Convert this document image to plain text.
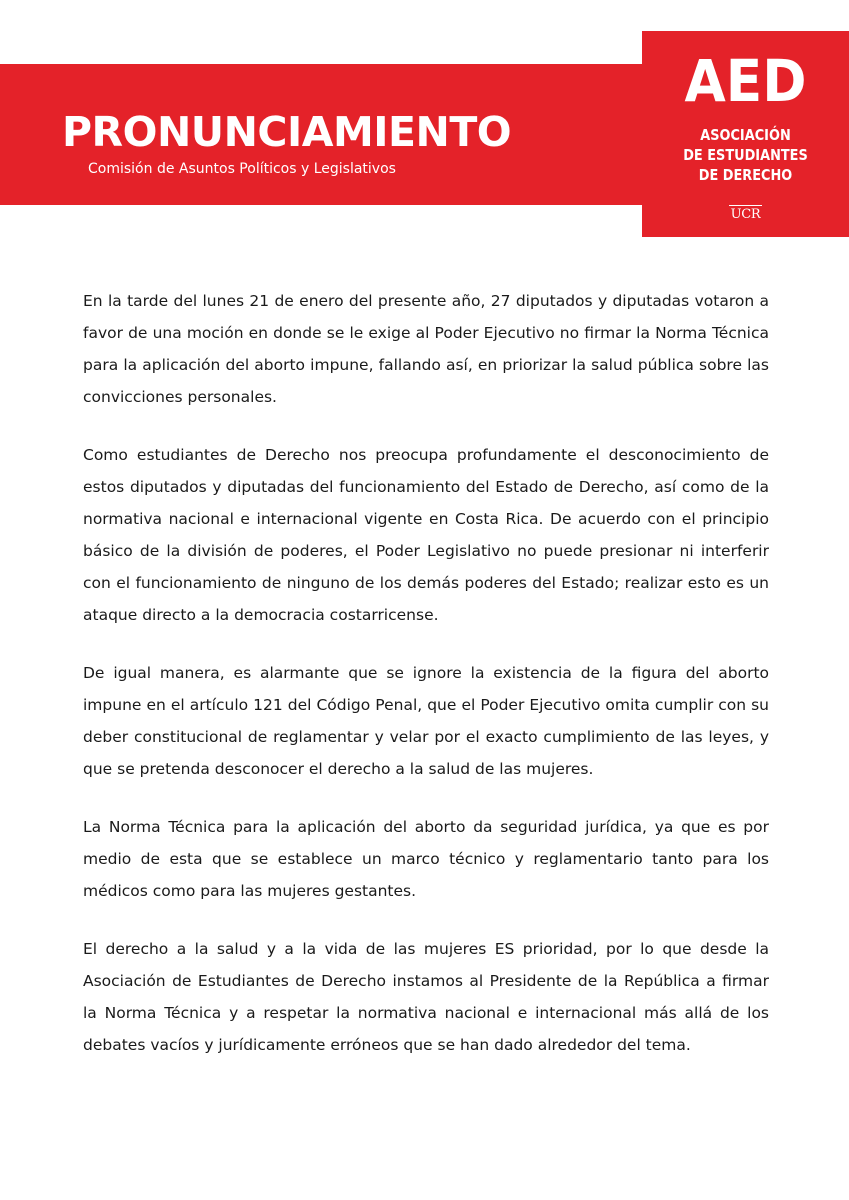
PRONUNCIAMIENTO
Comisión de Asuntos Políticos y Legislativos
AED
ASOCIACIÓN
DE ESTUDIANTES
DE DERECHO
UCR

En la tarde del lunes 21 de enero del presente año, 27 diputados y diputadas votaron a favor de una moción en donde se le exige al Poder Ejecutivo no firmar la Norma Técnica para la aplicación del aborto impune, fallando así, en priorizar la salud pública sobre las convicciones personales.

Como estudiantes de Derecho nos preocupa profundamente el desconocimiento de estos diputados y diputadas del funcionamiento del Estado de Derecho, así como de la normativa nacional e internacional vigente en Costa Rica. De acuerdo con el principio básico de la división de poderes, el Poder Legislativo no puede presionar ni interferir con el funcionamiento de ninguno de los demás poderes del Estado; realizar esto es un ataque directo a la democracia costarricense.

De igual manera, es alarmante que se ignore la existencia de la figura del aborto impune en el artículo 121 del Código Penal, que el Poder Ejecutivo omita cumplir con su deber constitucional de reglamentar y velar por el exacto cumplimiento de las leyes, y que se pretenda desconocer el derecho a la salud de las mujeres.

La Norma Técnica para la aplicación del aborto da seguridad jurídica, ya que es por medio de esta que se establece un marco técnico y reglamentario tanto para los médicos como para las mujeres gestantes.

El derecho a la salud y a la vida de las mujeres ES prioridad, por lo que desde la Asociación de Estudiantes de Derecho instamos al Presidente de la República a firmar la Norma Técnica y a respetar la normativa nacional e internacional más allá de los debates vacíos y jurídicamente erróneos que se han dado alrededor del tema.
